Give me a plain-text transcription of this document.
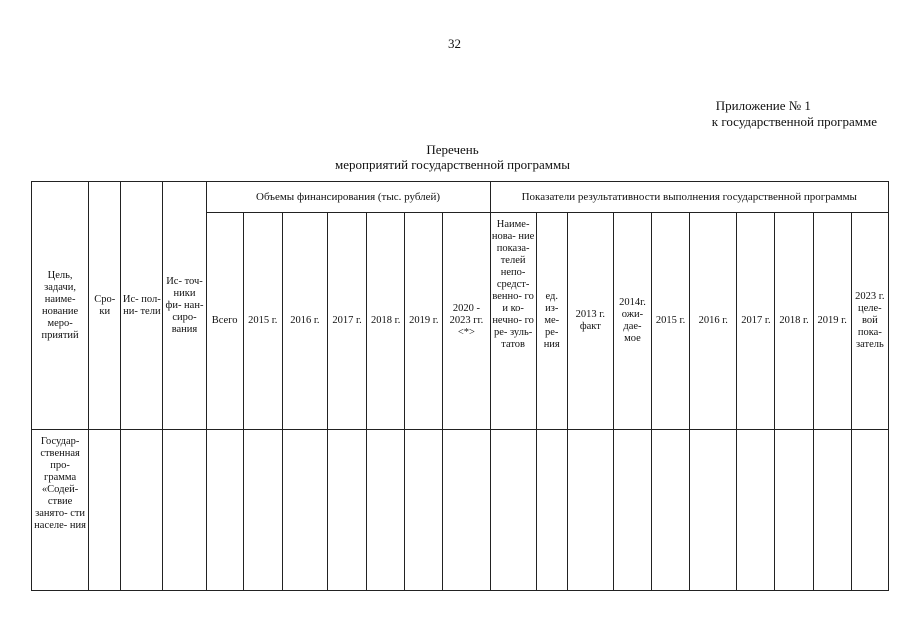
32
Приложение № 1
к государственной программе
Перечень
мероприятий государственной программы
Цель, задачи, наиме- нование меро- приятий	Сро- ки	Ис- пол- ни- тели	Ис- точ- ники фи- нан- сиро- вания	Объемы финансирования (тыс. рублей)							Показатели результативности выполнения государственной программы									
				Всего	2015 г.	2016 г.	2017 г.	2018 г.	2019 г.	2020 - 2023 гг. <*>	Наиме- нова- ние показа- телей непо- средст- венно- го и ко- нечно- го ре- зуль- татов	ед. из- ме- ре- ния	2013 г. факт	2014г. ожи- дае- мое	2015 г.	2016 г.	2017 г.	2018 г.	2019 г.	2023 г. целе- вой пока- затель
Государ- ственная про- грамма «Содей- ствие занято- сти населе- ния																				
